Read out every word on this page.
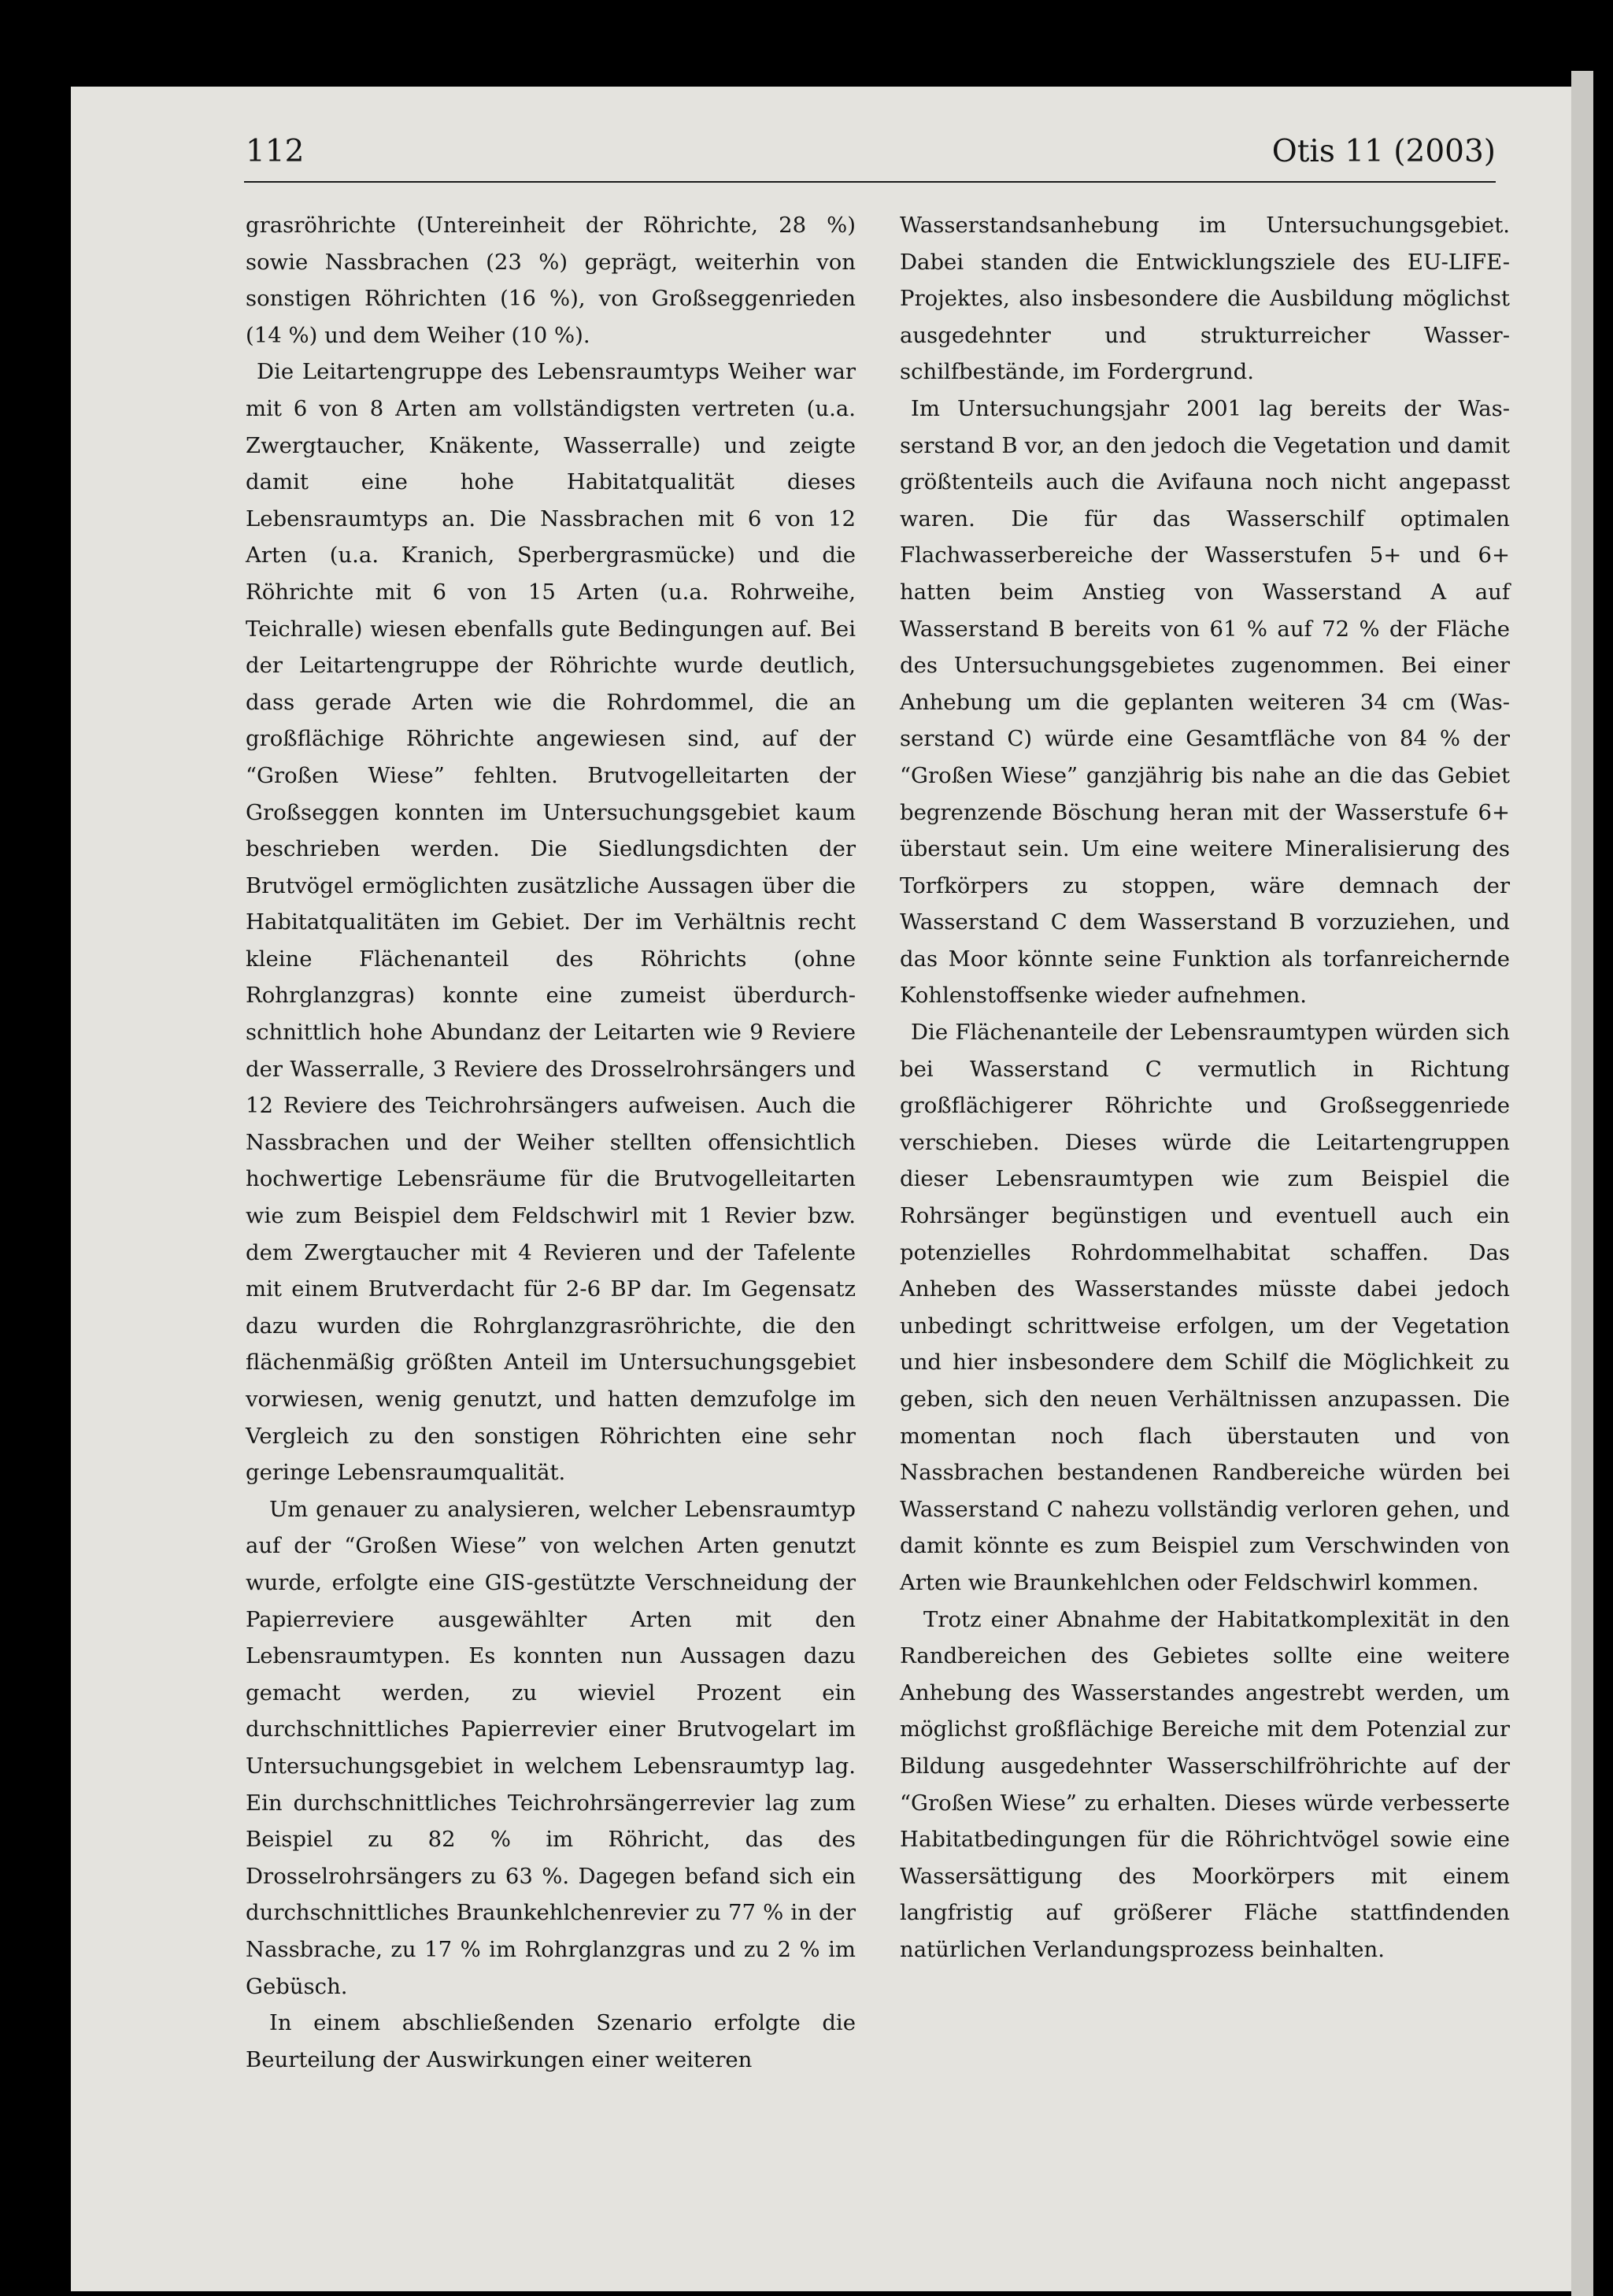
112	Otis 11 (2003)

grasröhrichte (Untereinheit der Röhrichte, 28 %) sowie Nassbrachen (23 %) geprägt, weiterhin von sonstigen Röhrichten (16 %), von Großseggenrieden (14 %) und dem Weiher (10 %).

Die Leitartengruppe des Lebensraumtyps Weiher war mit 6 von 8 Arten am vollständigsten vertreten (u.a. Zwergtaucher, Knäkente, Wasserralle) und zeigte damit eine hohe Habitatqualität dieses Lebensraumtyps an. Die Nassbrachen mit 6 von 12 Arten (u.a. Kranich, Sperbergrasmücke) und die Röhrichte mit 6 von 15 Arten (u.a. Rohrweihe, Teichralle) wiesen ebenfalls gute Bedingungen auf. Bei der Leitartengruppe der Röhrichte wurde deutlich, dass gerade Arten wie die Rohrdommel, die an großflächige Röhrichte angewiesen sind, auf der “Großen Wiese” fehlten. Brutvogelleitarten der Großseggen konnten im Untersuchungsgebiet kaum beschrieben werden. Die Siedlungsdichten der Brutvögel ermöglichten zusätzliche Aussagen über die Habitatqualitäten im Gebiet. Der im Verhältnis recht kleine Flächenanteil des Röhrichts (ohne Rohrglanzgras) konnte eine zumeist überdurchschnittlich hohe Abundanz der Leitarten wie 9 Reviere der Wasserralle, 3 Reviere des Drosselrohrsängers und 12 Reviere des Teichrohrsängers aufweisen. Auch die Nassbrachen und der Weiher stellten offensichtlich hochwertige Lebensräume für die Brutvogelleitarten wie zum Beispiel dem Feldschwirl mit 1 Revier bzw. dem Zwergtaucher mit 4 Revieren und der Tafelente mit einem Brutverdacht für 2-6 BP dar. Im Gegensatz dazu wurden die Rohrglanzgrasröhrichte, die den flächenmäßig größten Anteil im Untersuchungsgebiet vorwiesen, wenig genutzt, und hatten demzufolge im Vergleich zu den sonstigen Röhrichten eine sehr geringe Lebensraumqualität.

Um genauer zu analysieren, welcher Lebensraumtyp auf der “Großen Wiese” von welchen Arten genutzt wurde, erfolgte eine GIS-gestützte Verschneidung der Papierreviere ausgewählter Arten mit den Lebensraumtypen. Es konnten nun Aussagen dazu gemacht werden, zu wieviel Prozent ein durchschnittliches Papierrevier einer Brutvogelart im Untersuchungsgebiet in welchem Lebensraumtyp lag. Ein durchschnittliches Teichrohrsängerrevier lag zum Beispiel zu 82 % im Röhricht, das des Drosselrohrsängers zu 63 %. Dagegen befand sich ein durchschnittliches Braunkehlchenrevier zu 77 % in der Nassbrache, zu 17 % im Rohrglanzgras und zu 2 % im Gebüsch.

In einem abschließenden Szenario erfolgte die Beurteilung der Auswirkungen einer weiteren

Wasserstandsanhebung im Untersuchungsgebiet. Dabei standen die Entwicklungsziele des EU-LIFE-Projektes, also insbesondere die Ausbildung möglichst ausgedehnter und strukturreicher Wasserschilfbestände, im Fordergrund.

Im Untersuchungsjahr 2001 lag bereits der Wasserstand B vor, an den jedoch die Vegetation und damit größtenteils auch die Avifauna noch nicht angepasst waren. Die für das Wasserschilf optimalen Flachwasserbereiche der Wasserstufen 5+ und 6+ hatten beim Anstieg von Wasserstand A auf Wasserstand B bereits von 61 % auf 72 % der Fläche des Untersuchungsgebietes zugenommen. Bei einer Anhebung um die geplanten weiteren 34 cm (Wasserstand C) würde eine Gesamtfläche von 84 % der “Großen Wiese” ganzjährig bis nahe an die das Gebiet begrenzende Böschung heran mit der Wasserstufe 6+ überstaut sein. Um eine weitere Mineralisierung des Torfkörpers zu stoppen, wäre demnach der Wasserstand C dem Wasserstand B vorzuziehen, und das Moor könnte seine Funktion als torfanreichernde Kohlenstoffsenke wieder aufnehmen.

Die Flächenanteile der Lebensraumtypen würden sich bei Wasserstand C vermutlich in Richtung großflächigerer Röhrichte und Großseggenriede verschieben. Dieses würde die Leitartengruppen dieser Lebensraumtypen wie zum Beispiel die Rohrsänger begünstigen und eventuell auch ein potenzielles Rohrdommelhabitat schaffen. Das Anheben des Wasserstandes müsste dabei jedoch unbedingt schrittweise erfolgen, um der Vegetation und hier insbesondere dem Schilf die Möglichkeit zu geben, sich den neuen Verhältnissen anzupassen. Die momentan noch flach überstauten und von Nassbrachen bestandenen Randbereiche würden bei Wasserstand C nahezu vollständig verloren gehen, und damit könnte es zum Beispiel zum Verschwinden von Arten wie Braunkehlchen oder Feldschwirl kommen.

Trotz einer Abnahme der Habitatkomplexität in den Randbereichen des Gebietes sollte eine weitere Anhebung des Wasserstandes angestrebt werden, um möglichst großflächige Bereiche mit dem Potenzial zur Bildung ausgedehnter Wasserschilfröhrichte auf der “Großen Wiese” zu erhalten. Dieses würde verbesserte Habitatbedingungen für die Röhrichtvögel sowie eine Wassersättigung des Moorkörpers mit einem langfristig auf größerer Fläche stattfindenden natürlichen Verlandungsprozess beinhalten.
